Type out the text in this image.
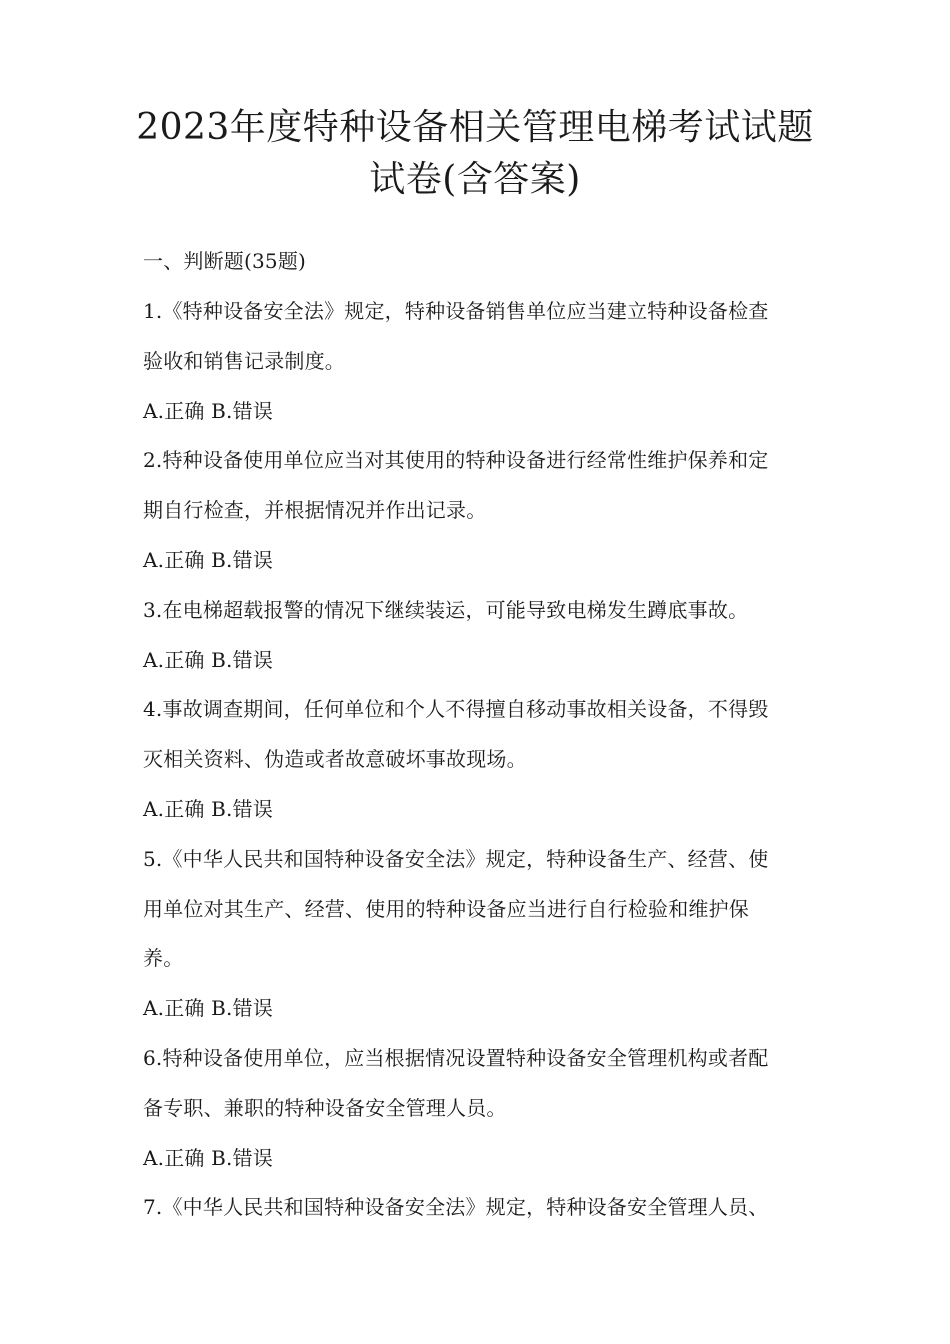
2023年度特种设备相关管理电梯考试试题
试卷(含答案)
一、判断题(35题)
1.《特种设备安全法》规定，特种设备销售单位应当建立特种设备检查
验收和销售记录制度。
A.正确 B.错误
2.特种设备使用单位应当对其使用的特种设备进行经常性维护保养和定
期自行检查，并根据情况并作出记录。
A.正确 B.错误
3.在电梯超载报警的情况下继续装运，可能导致电梯发生蹲底事故。
A.正确 B.错误
4.事故调查期间，任何单位和个人不得擅自移动事故相关设备，不得毁
灭相关资料、伪造或者故意破坏事故现场。
A.正确 B.错误
5.《中华人民共和国特种设备安全法》规定，特种设备生产、经营、使
用单位对其生产、经营、使用的特种设备应当进行自行检验和维护保
养。
A.正确 B.错误
6.特种设备使用单位，应当根据情况设置特种设备安全管理机构或者配
备专职、兼职的特种设备安全管理人员。
A.正确 B.错误
7.《中华人民共和国特种设备安全法》规定，特种设备安全管理人员、
